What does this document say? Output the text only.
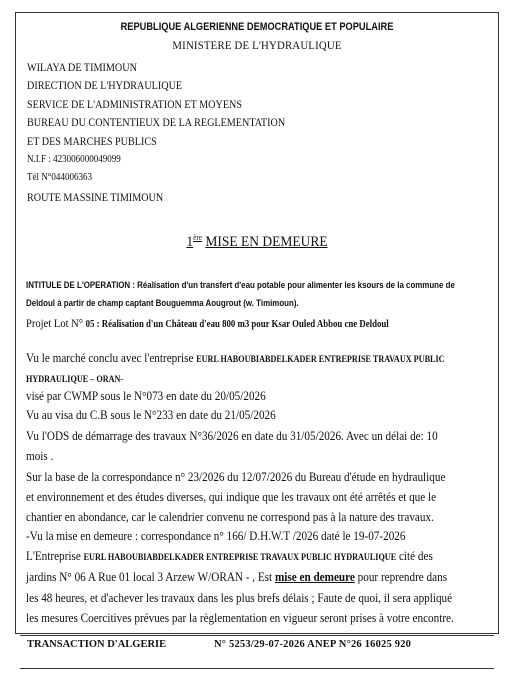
REPUBLIQUE ALGERIENNE DEMOCRATIQUE ET POPULAIRE
MINISTERE DE L'HYDRAULIQUE
WILAYA DE TIMIMOUN
DIRECTION DE L'HYDRAULIQUE
SERVICE DE L'ADMINISTRATION ET MOYENS
BUREAU DU CONTENTIEUX DE LA REGLEMENTATION
ET DES MARCHES PUBLICS
N.I.F : 423006000049099
Tél N°044006363
ROUTE MASSINE TIMIMOUN
1ère MISE EN DEMEURE
INTITULE DE L'OPERATION : Réalisation d'un transfert d'eau potable pour alimenter les ksours de la commune de
Deldoul à partir de champ captant Bouguemma Aougrout (w. Timimoun).
Projet Lot N° 05 : Réalisation d'un Château d'eau 800 m3 pour Ksar Ouled Abbou cne Deldoul
Vu le marché conclu avec l'entreprise EURL HABOUBIABDELKADER ENTREPRISE TRAVAUX PUBLIC
HYDRAULIQUE – ORAN-
visé par CWMP sous le N°073 en date du 20/05/2026
Vu au visa du C.B sous le N°233 en date du 21/05/2026
Vu l'ODS de démarrage des travaux N°36/2026 en date du 31/05/2026. Avec un délai de: 10
mois .
Sur la base de la correspondance n° 23/2026 du 12/07/2026 du Bureau d'étude en hydraulique
et environnement et des études diverses, qui indique que les travaux ont été arrêtés et que le
chantier en abondance, car le calendrier convenu ne correspond pas à la nature des travaux.
-Vu la mise en demeure : correspondance n° 166/ D.H.W.T /2026 daté le 19-07-2026
L'Entreprise EURL HABOUBIABDELKADER ENTREPRISE TRAVAUX PUBLIC HYDRAULIQUE cité des
jardins N° 06 A Rue 01 local 3 Arzew W/ORAN - , Est mise en demeure pour reprendre dans
les 48 heures, et d'achever les travaux dans les plus brefs délais ; Faute de quoi, il sera appliqué
les mesures Coercitives prévues par la règlementation en vigueur seront prises à votre encontre.
TRANSACTION D'ALGERIE	N° 5253/29-07-2026 ANEP N°26 16025 920
